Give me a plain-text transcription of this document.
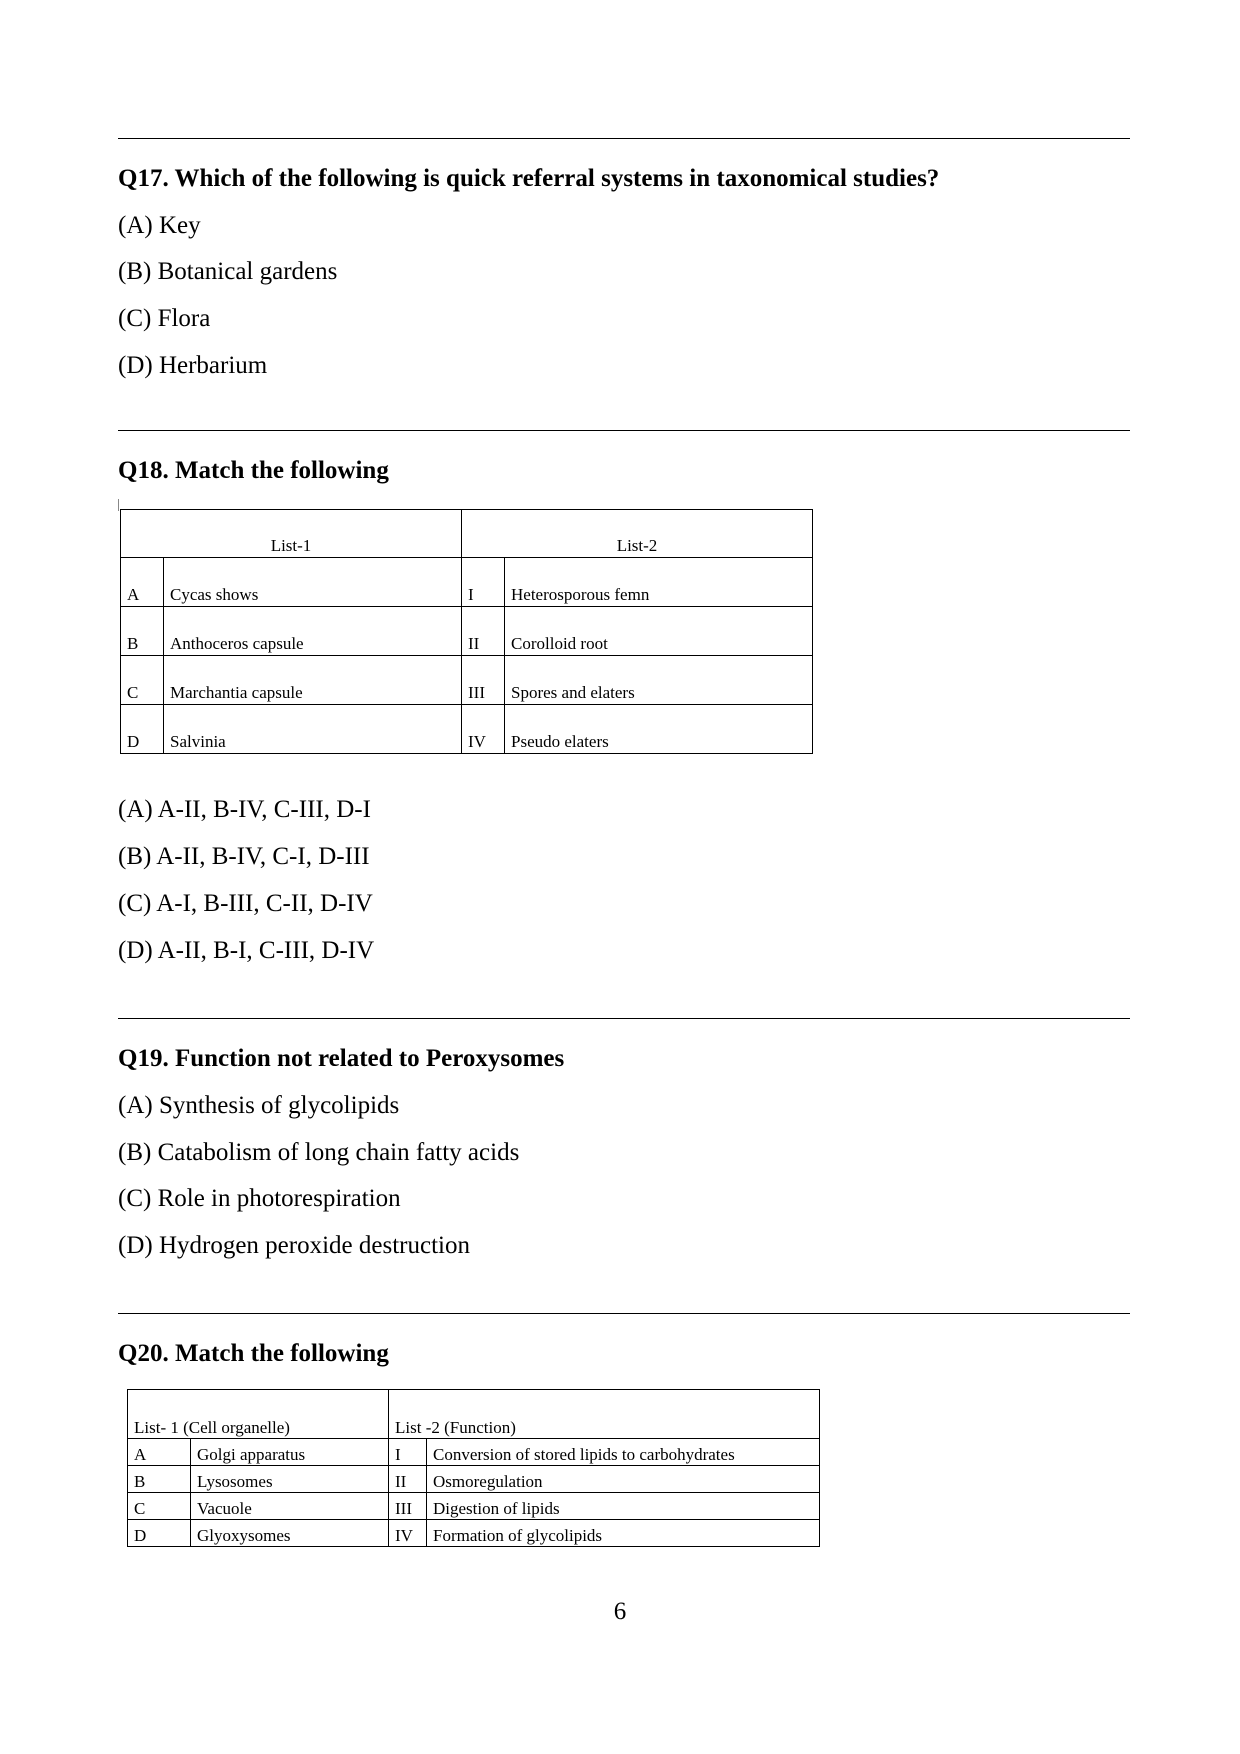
Q17. Which of the following is quick referral systems in taxonomical studies?
(A) Key
(B) Botanical gardens
(C) Flora
(D) Herbarium
Q18. Match the following
List-1		List-2	
A	Cycas shows	I	Heterosporous femn
B	Anthoceros capsule	II	Corolloid root
C	Marchantia capsule	III	Spores and elaters
D	Salvinia	IV	Pseudo elaters
(A) A-II, B-IV, C-III, D-I
(B) A-II, B-IV, C-I, D-III
(C) A-I, B-III, C-II, D-IV
(D) A-II, B-I, C-III, D-IV
Q19. Function not related to Peroxysomes
(A) Synthesis of glycolipids
(B) Catabolism of long chain fatty acids
(C) Role in photorespiration
(D) Hydrogen peroxide destruction
Q20. Match the following
List- 1 (Cell organelle)		List -2 (Function)	
A	Golgi apparatus	I	Conversion of stored lipids to carbohydrates
B	Lysosomes	II	Osmoregulation
C	Vacuole	III	Digestion of lipids
D	Glyoxysomes	IV	Formation of glycolipids
6
